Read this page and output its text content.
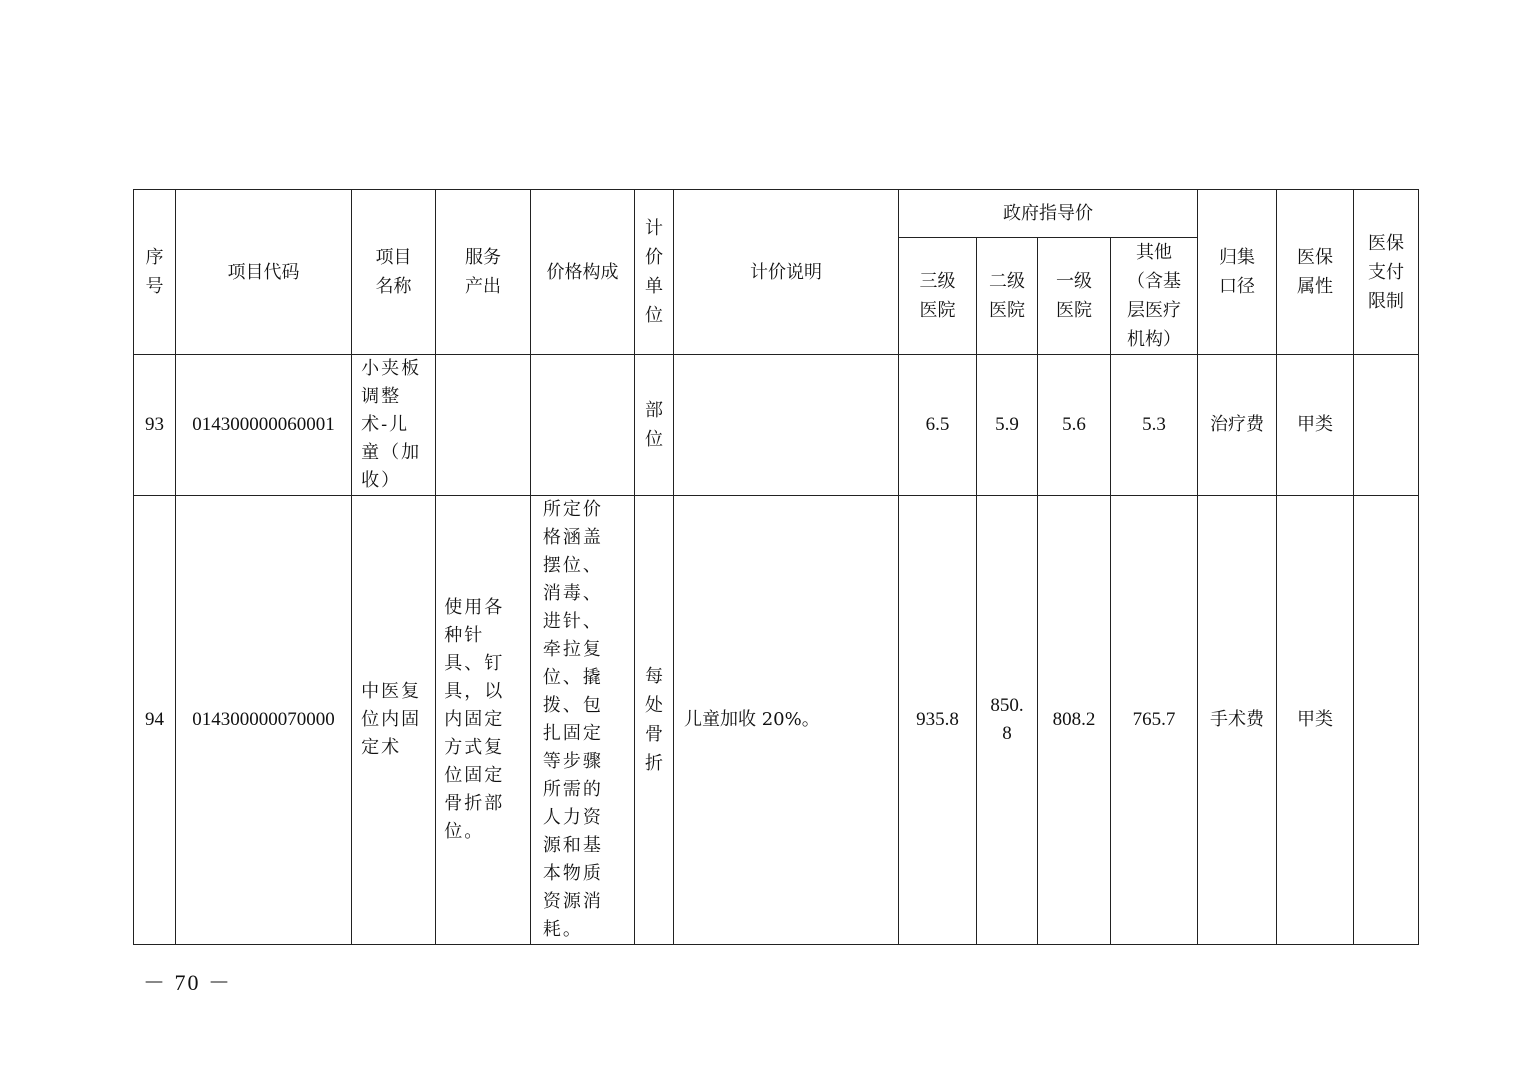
序号	项目代码	项目名称	服务产出	价格构成	计价单位	计价说明	政府指导价				归集口径	医保属性	医保支付限制
							三级医院	二级医院	一级医院	其他（含基层医疗机构）			
93	014300000060001	小夹板调整术-儿童（加收）			部位		6.5	5.9	5.6	5.3	治疗费	甲类	
94	014300000070000	中医复位内固定术	使用各种针具、钉具，以内固定方式复位固定骨折部位。	所定价格涵盖摆位、消毒、进针、牵拉复位、撬拨、包扎固定等步骤所需的人力资源和基本物质资源消耗。	每处骨折	儿童加收 20%。	935.8	850.8	808.2	765.7	手术费	甲类	
－ 70 －
